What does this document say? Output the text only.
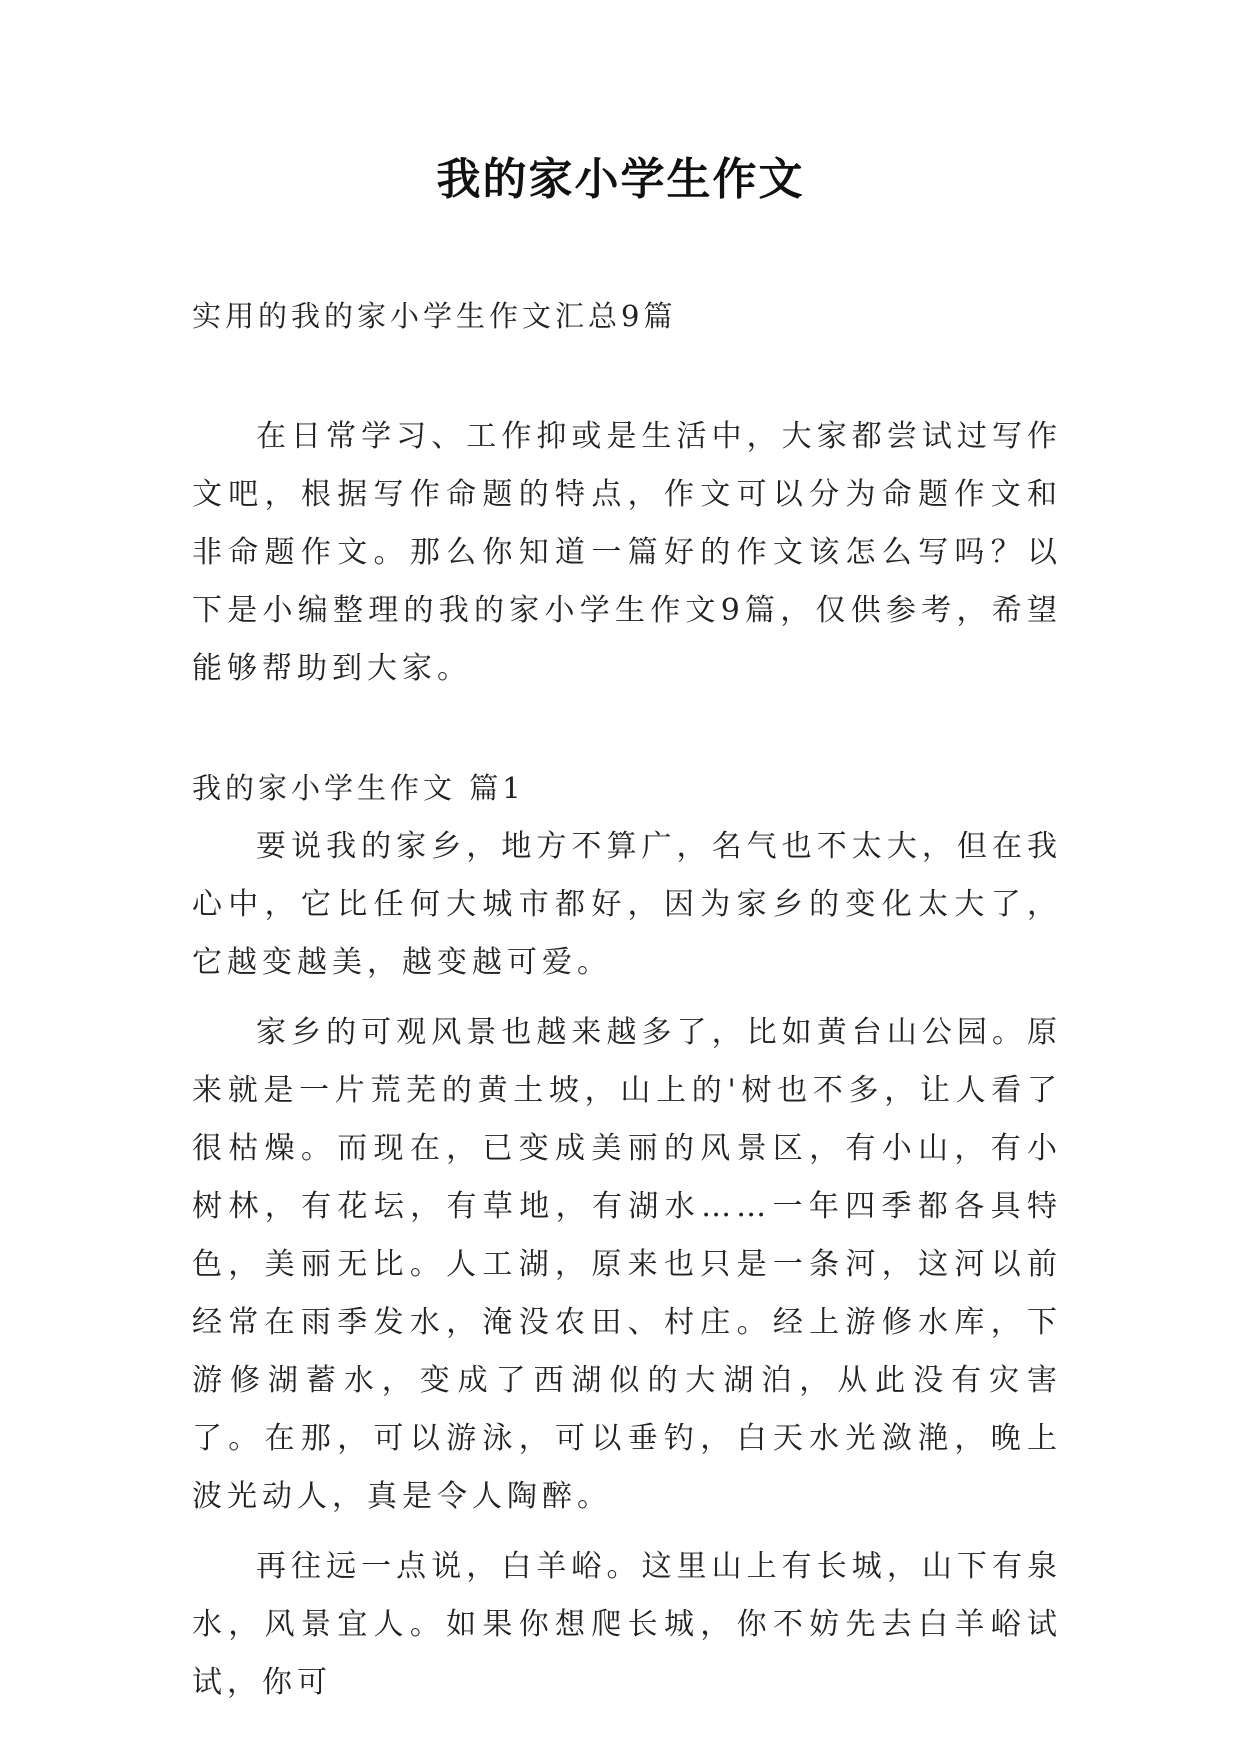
我的家小学生作文
实用的我的家小学生作文汇总9篇
在日常学习、工作抑或是生活中，大家都尝试过写作文吧，根据写作命题的特点，作文可以分为命题作文和非命题作文。那么你知道一篇好的作文该怎么写吗？以下是小编整理的我的家小学生作文9篇，仅供参考，希望能够帮助到大家。
我的家小学生作文 篇1

要说我的家乡，地方不算广，名气也不太大，但在我心中，它比任何大城市都好，因为家乡的变化太大了，它越变越美，越变越可爱。

家乡的可观风景也越来越多了，比如黄台山公园。原来就是一片荒芜的黄土坡，山上的'树也不多，让人看了很枯燥。而现在，已变成美丽的风景区，有小山，有小树林，有花坛，有草地，有湖水……一年四季都各具特色，美丽无比。人工湖，原来也只是一条河，这河以前经常在雨季发水，淹没农田、村庄。经上游修水库，下游修湖蓄水，变成了西湖似的大湖泊，从此没有灾害了。在那，可以游泳，可以垂钓，白天水光潋滟，晚上波光动人，真是令人陶醉。

再往远一点说，白羊峪。这里山上有长城，山下有泉水，风景宜人。如果你想爬长城，你不妨先去白羊峪试试，你可
